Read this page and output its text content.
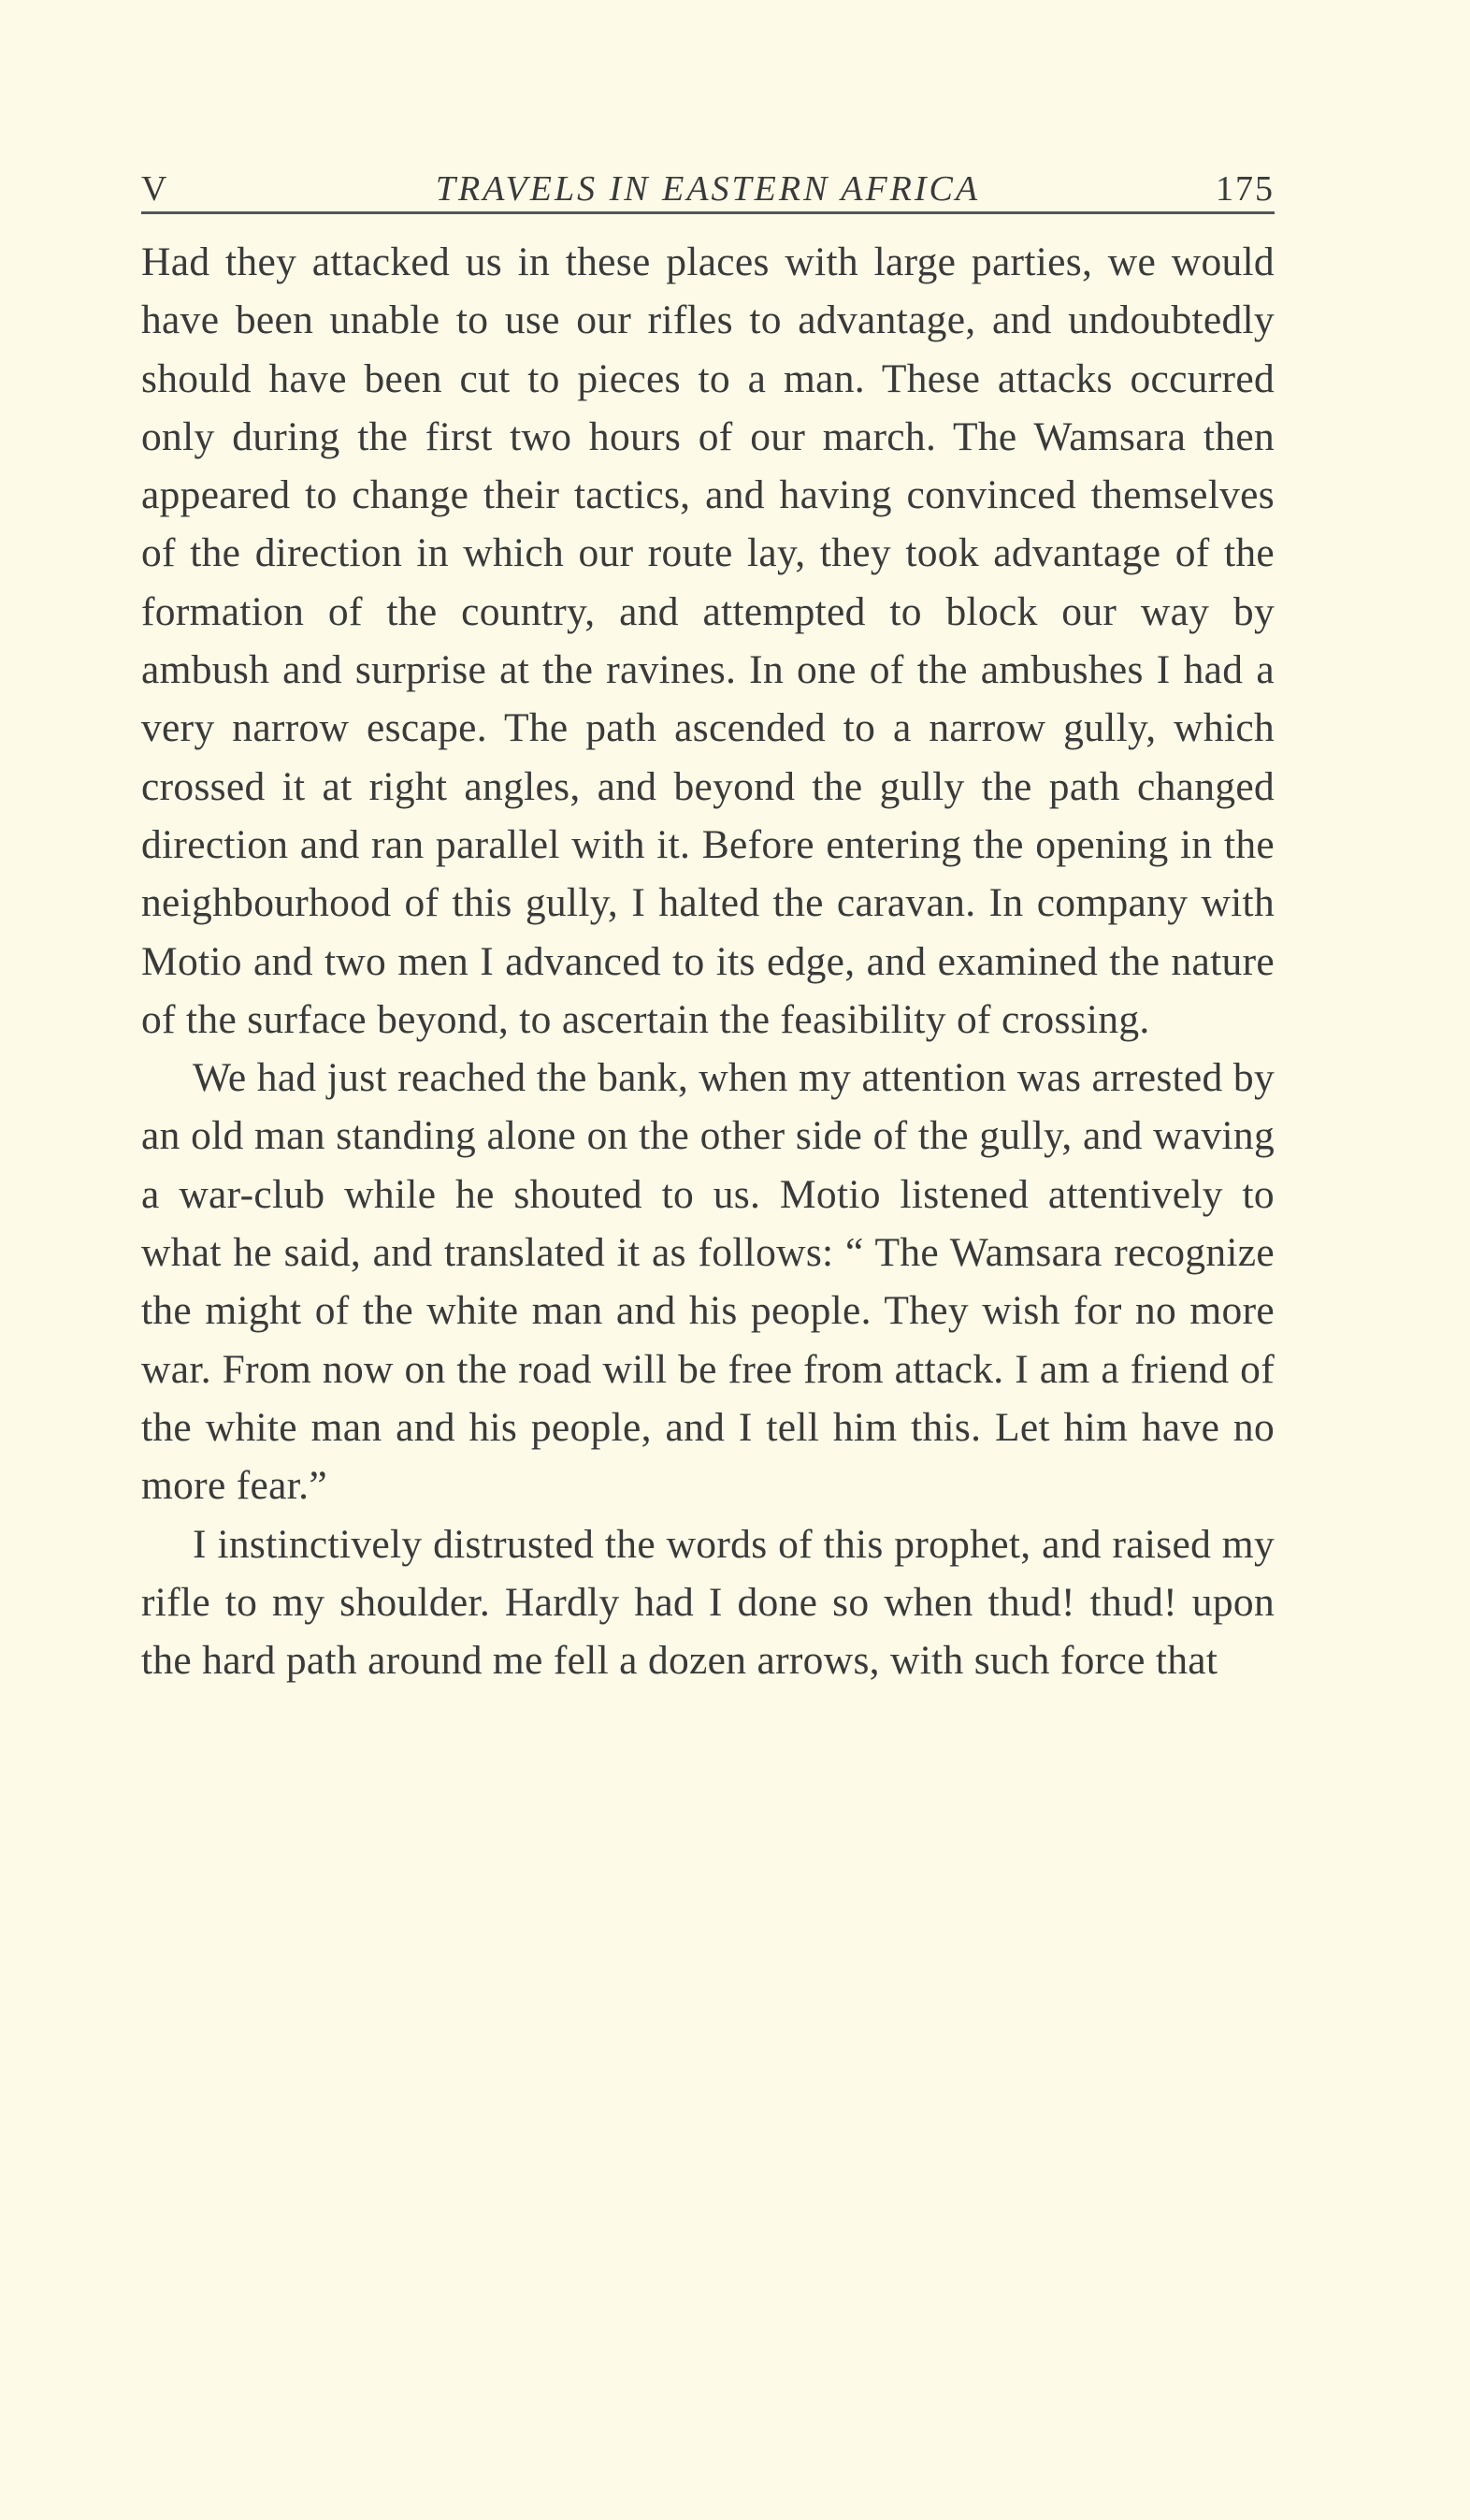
V	TRAVELS IN EASTERN AFRICA	175

Had they attacked us in these places with large parties, we would have been unable to use our rifles to advantage, and undoubtedly should have been cut to pieces to a man. These attacks occurred only during the first two hours of our march. The Wamsara then appeared to change their tactics, and having convinced themselves of the direction in which our route lay, they took advantage of the formation of the country, and attempted to block our way by ambush and surprise at the ravines. In one of the ambushes I had a very narrow escape. The path ascended to a narrow gully, which crossed it at right angles, and beyond the gully the path changed direction and ran parallel with it. Before entering the opening in the neighbourhood of this gully, I halted the caravan. In company with Motio and two men I advanced to its edge, and examined the nature of the surface beyond, to ascertain the feasibility of crossing.

We had just reached the bank, when my attention was arrested by an old man standing alone on the other side of the gully, and waving a war-club while he shouted to us. Motio listened attentively to what he said, and translated it as follows: “ The Wamsara recognize the might of the white man and his people. They wish for no more war. From now on the road will be free from attack. I am a friend of the white man and his people, and I tell him this. Let him have no more fear.”

I instinctively distrusted the words of this prophet, and raised my rifle to my shoulder. Hardly had I done so when thud! thud! upon the hard path around me fell a dozen arrows, with such force that
